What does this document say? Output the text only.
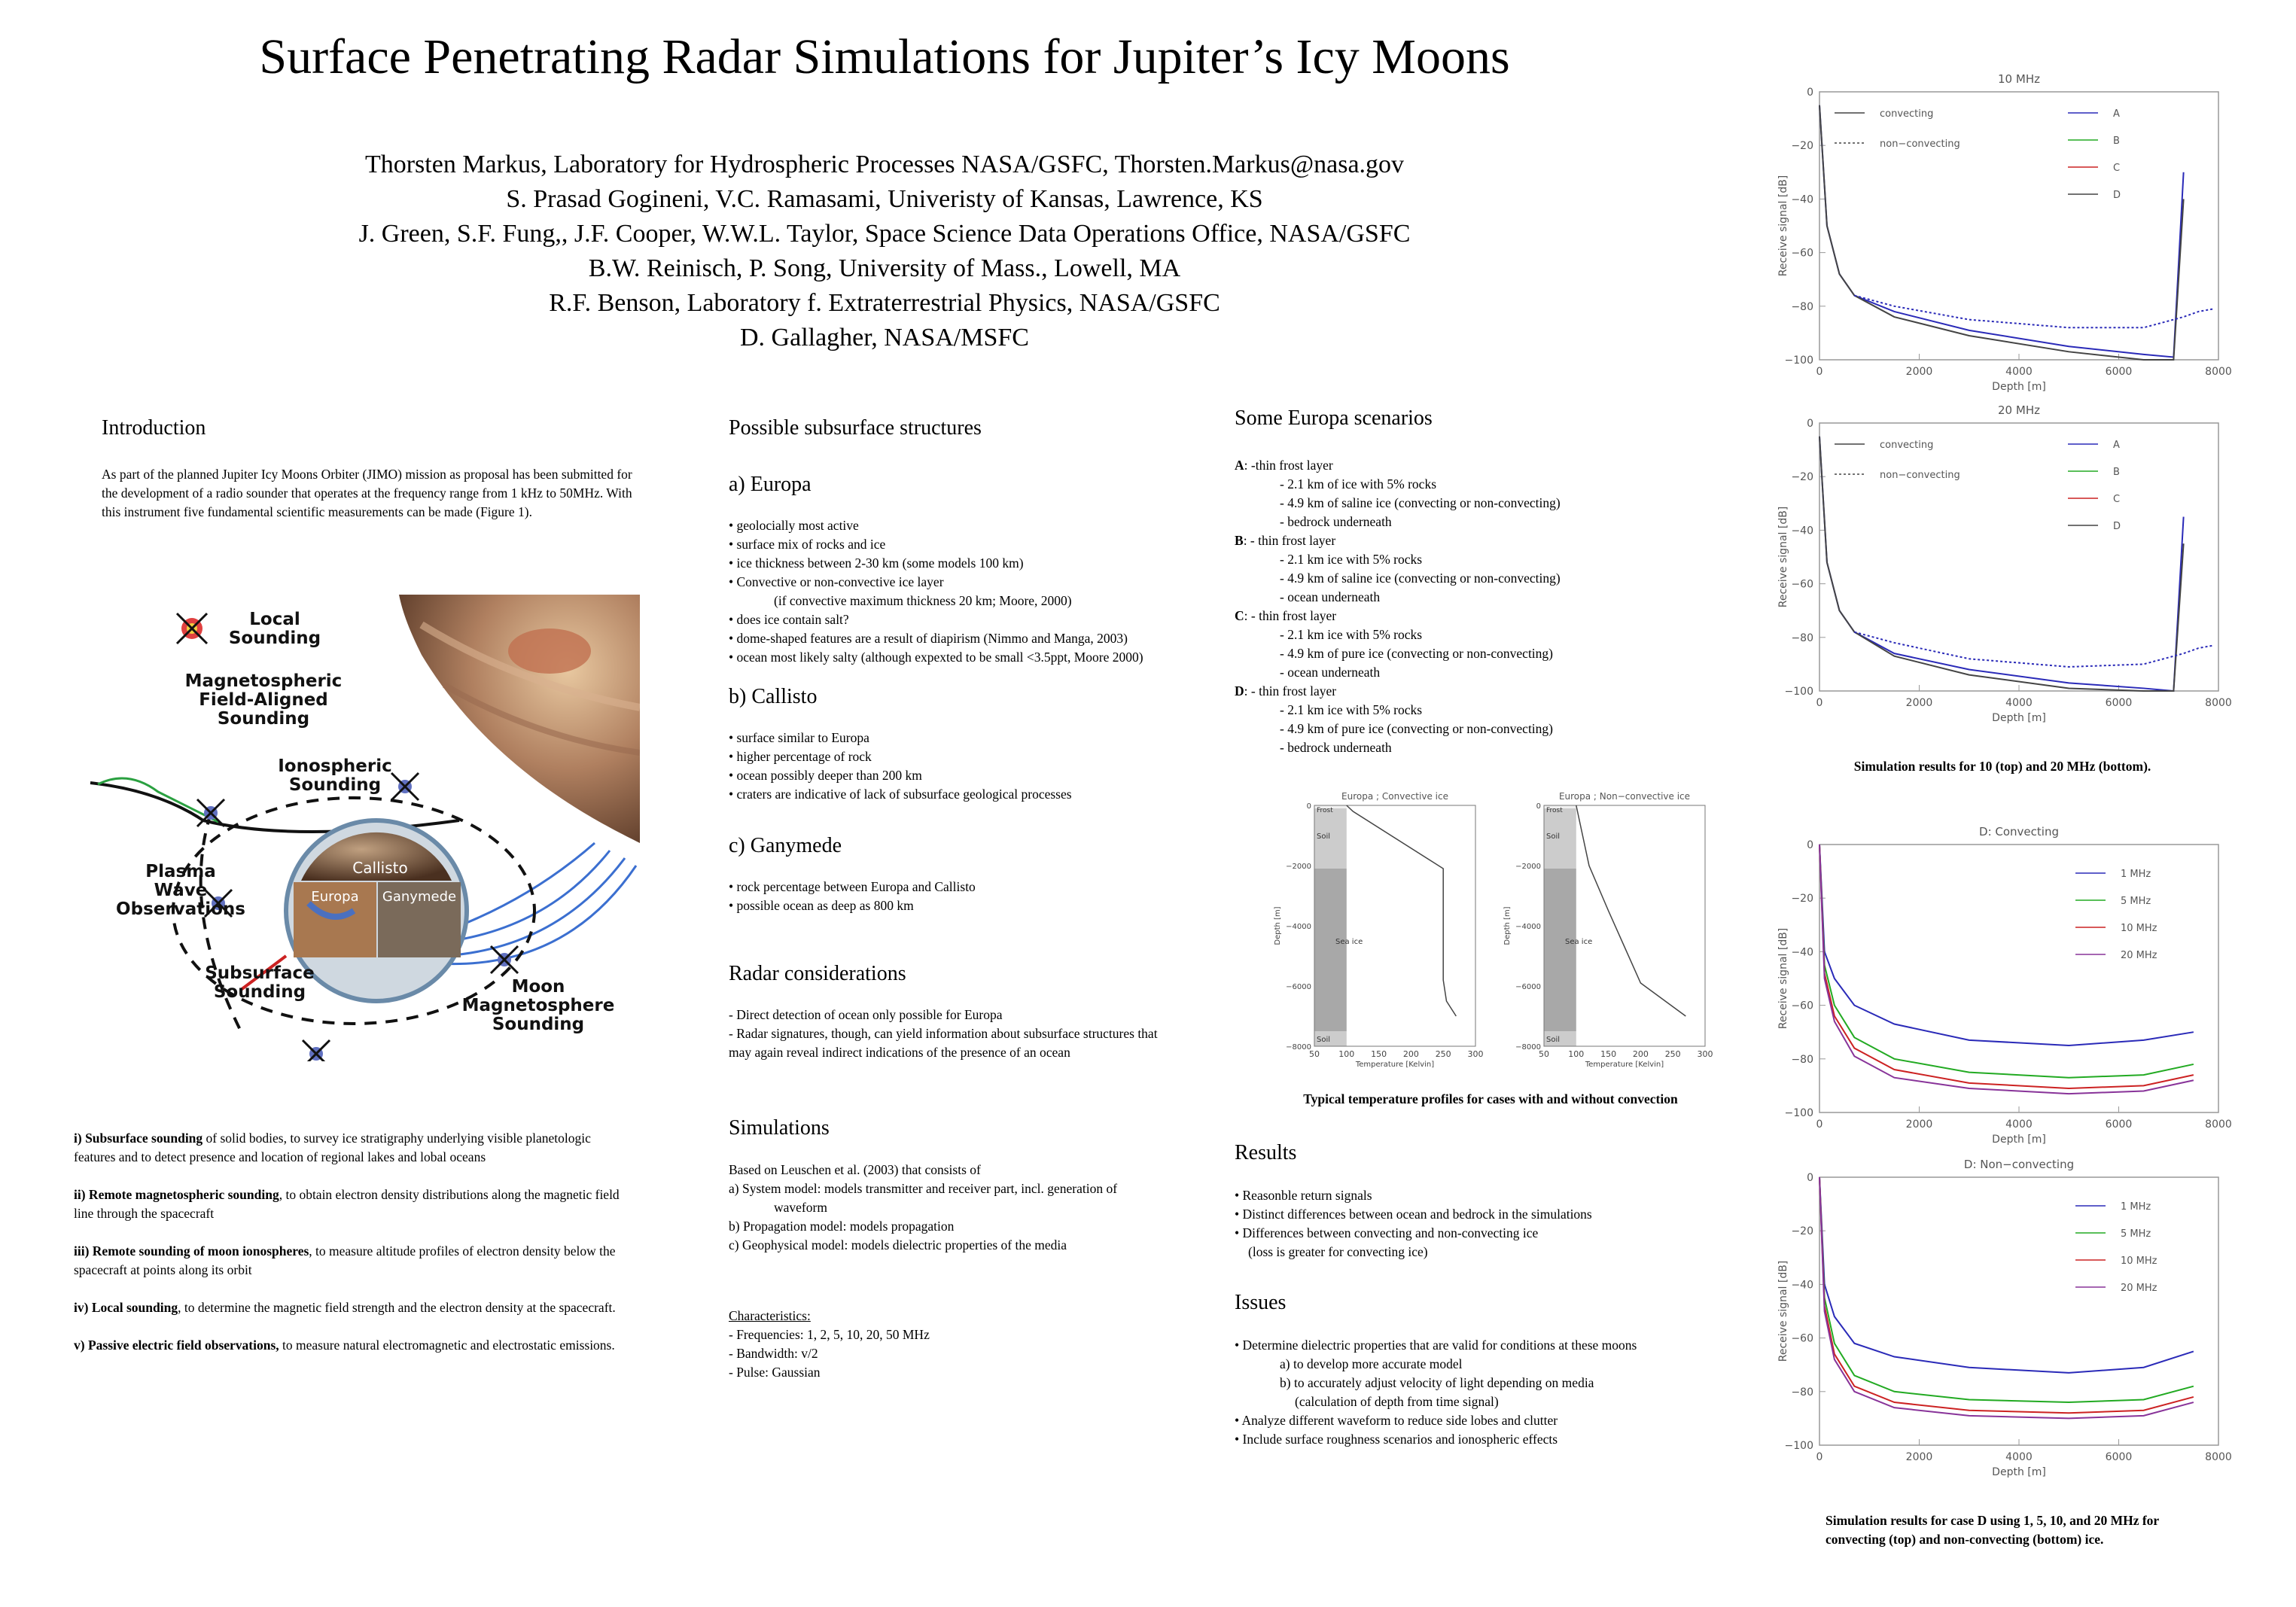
Surface Penetrating Radar Simulations for Jupiter’s Icy Moons
Thorsten Markus, Laboratory for Hydrospheric Processes NASA/GSFC, Thorsten.Markus@nasa.gov
S. Prasad Gogineni, V.C. Ramasami, Univeristy of Kansas, Lawrence, KS
J. Green, S.F. Fung,, J.F. Cooper, W.W.L. Taylor, Space Science Data Operations Office, NASA/GSFC
B.W. Reinisch, P. Song, University of Mass., Lowell, MA
R.F. Benson, Laboratory f. Extraterrestrial Physics, NASA/GSFC
D. Gallagher, NASA/MSFC
Introduction
As part of the planned Jupiter Icy Moons Orbiter (JIMO) mission as proposal has been submitted for the development of a radio sounder that operates at the frequency range from 1 kHz to 50MHz. With this instrument five fundamental scientific measurements can be made (Figure 1).
Callisto
Europa Ganymede
Local
Sounding
Magnetospheric
Field-Aligned
Sounding
Ionospheric
Sounding
Plasma
Wave
Observations
Subsurface
Sounding	Moon
Magnetosphere
Sounding

i) Subsurface sounding of solid bodies, to survey ice stratigraphy underlying visible planetologic features and to detect presence and location of regional lakes and lobal oceans

ii) Remote magnetospheric sounding, to obtain electron density distributions along the magnetic field line through the spacecraft

iii) Remote sounding of moon ionospheres, to measure altitude profiles of electron density below the spacecraft at points along its orbit

iv) Local sounding, to determine the magnetic field strength and the electron density at the spacecraft.

v) Passive electric field observations, to measure natural electromagnetic and electrostatic emissions.

Possible subsurface structures
a) Europa

• geolocially most active

• surface mix of rocks and ice

• ice thickness between 2-30 km (some models 100 km)

• Convective or non-convective ice layer

(if convective maximum thickness 20 km; Moore, 2000)

• does ice contain salt?

• dome-shaped features are a result of diapirism (Nimmo and Manga, 2003)

• ocean most likely salty (although expexted to be small <3.5ppt, Moore 2000)

b) Callisto

• surface similar to Europa

• higher percentage of rock

• ocean possibly deeper than 200 km

• craters are indicative of lack of subsurface geological processes

c) Ganymede

• rock percentage between Europa and Callisto

• possible ocean as deep as 800 km

Radar considerations

- Direct detection of ocean only possible for Europa

- Radar signatures, though, can yield information about subsurface structures that may again reveal indirect indications of the presence of an ocean

Simulations

Based on Leuschen et al. (2003) that consists of

a) System model: models transmitter and receiver part, incl. generation of

waveform

b) Propagation model: models propagation

c) Geophysical model: models dielectric properties of the media

Characteristics:

- Frequencies: 1, 2, 5, 10, 20, 50 MHz

- Bandwidth: v/2

- Pulse: Gaussian

Some Europa scenarios

A: -thin frost layer

- 2.1 km of ice with 5% rocks

- 4.9 km of saline ice (convecting or non-convecting)

- bedrock underneath

B: - thin frost layer

- 2.1 km ice with 5% rocks

- 4.9 km of saline ice (convecting or non-convecting)

- ocean underneath

C: - thin frost layer

- 2.1 km ice with 5% rocks

- 4.9 km of pure ice (convecting or non-convecting)

- ocean underneath

D: - thin frost layer

- 2.1 km ice with 5% rocks

- 4.9 km of pure ice (convecting or non-convecting)

- bedrock underneath

Europa ; Convective ice
Frost
Soil
Sea ice
Soil
50 100 150 200 250 300
0
−2000
−4000
−6000
−8000
Temperature [Kelvin]
Depth [m]
Europa ; Non−convective ice
Frost
Soil
Sea ice
Soil
50 100 150 200 250 300
0
−2000
−4000
−6000
−8000
Temperature [Kelvin]
Depth [m]
Typical temperature profiles for cases with and without convection
Results

• Reasonble return signals

• Distinct differences between ocean and bedrock in the simulations

• Differences between convecting and non-convecting ice

(loss is greater for convecting ice)

Issues

• Determine dielectric properties that are valid for conditions at these moons

a) to develop more accurate model

b) to accurately adjust velocity of light depending on media

(calculation of depth from time signal)

• Analyze different waveform to reduce side lobes and clutter

• Include surface roughness scenarios and ionospheric effects

10 MHz
0	2000	4000	6000	8000
0
−20
−40
−60
−80
−100
Depth [m]
Receive signal [dB]
convecting
non−convecting
A
B
C
D
20 MHz
0	2000	4000	6000	8000
0
−20
−40
−60
−80
−100
Depth [m]
Receive signal [dB]
convecting
non−convecting
A
B
C
D
Simulation results for 10 (top) and 20 MHz (bottom).
D: Convecting
0	2000	4000	6000	8000
0
−20
−40
−60
−80
−100
Depth [m]
Receive signal [dB]
1 MHz
5 MHz
10 MHz
20 MHz
D: Non−convecting
0	2000	4000	6000	8000
0
−20
−40
−60
−80
−100
Depth [m]
Receive signal [dB]
1 MHz
5 MHz
10 MHz
20 MHz
Simulation results for case D using 1, 5, 10, and 20 MHz for
convecting (top) and non-convecting (bottom) ice.
